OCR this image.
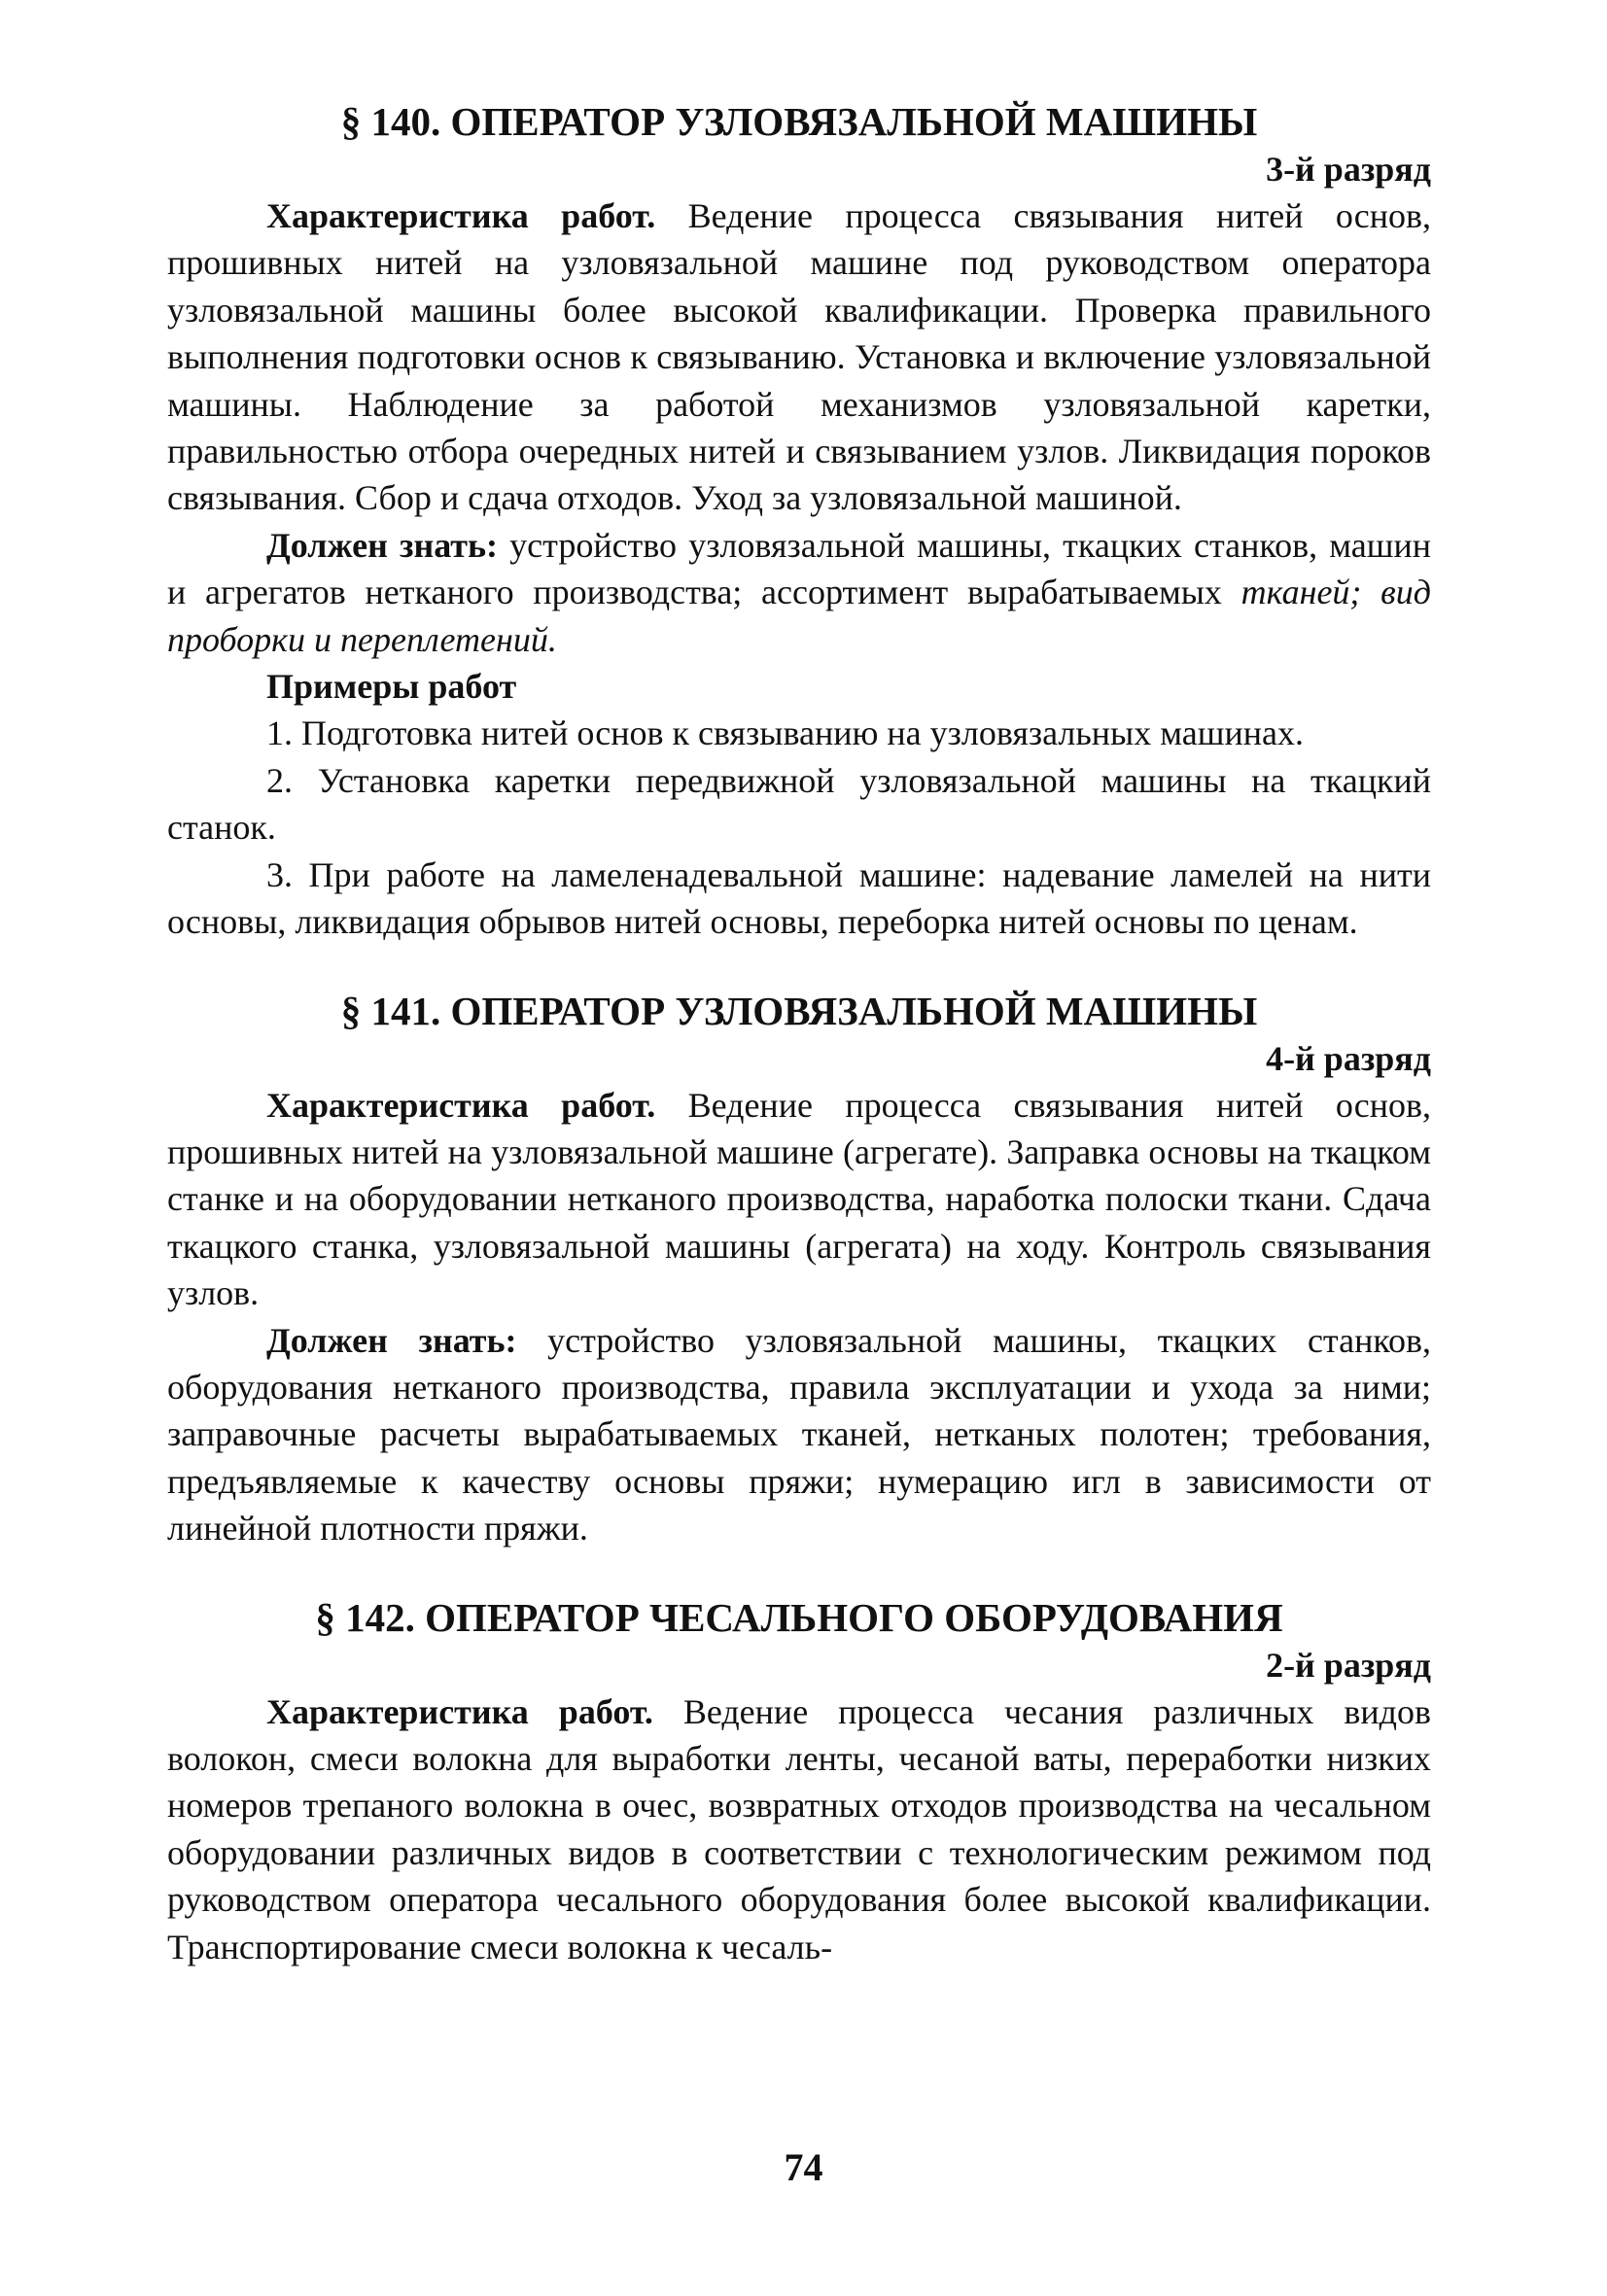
§ 140. ОПЕРАТОР УЗЛОВЯЗАЛЬНОЙ МАШИНЫ
3-й разряд

Характеристика работ. Ведение процесса связывания нитей основ, прошивных нитей на узловязальной машине под руководством оператора узловязальной машины более высокой квалификации. Проверка правильного выполнения подготовки основ к связыванию. Установка и включение узловязальной машины. Наблюдение за работой механизмов узловязальной каретки, правильностью отбора очередных нитей и связыванием узлов. Ликвидация пороков связывания. Сбор и сдача отходов. Уход за узловязальной машиной.

Должен знать: устройство узловязальной машины, ткацких станков, машин и агрегатов нетканого производства; ассортимент вырабатываемых тканей; вид проборки и переплетений.

Примеры работ

1. Подготовка нитей основ к связыванию на узловязальных машинах.

2. Установка каретки передвижной узловязальной машины на ткацкий станок.

3. При работе на ламеленадевальной машине: надевание ламелей на нити основы, ликвидация обрывов нитей основы, переборка нитей основы по ценам.

§ 141. ОПЕРАТОР УЗЛОВЯЗАЛЬНОЙ МАШИНЫ
4-й разряд

Характеристика работ. Ведение процесса связывания нитей основ, прошивных нитей на узловязальной машине (агрегате). Заправка основы на ткацком станке и на оборудовании нетканого производства, наработка полоски ткани. Сдача ткацкого станка, узловязальной машины (агрегата) на ходу. Контроль связывания узлов.

Должен знать: устройство узловязальной машины, ткацких станков, оборудования нетканого производства, правила эксплуатации и ухода за ними; заправочные расчеты вырабатываемых тканей, нетканых полотен; требования, предъявляемые к качеству основы пряжи; нумерацию игл в зависимости от линейной плотности пряжи.

§ 142. ОПЕРАТОР ЧЕСАЛЬНОГО ОБОРУДОВАНИЯ
2-й разряд

Характеристика работ. Ведение процесса чесания различных видов волокон, смеси волокна для выработки ленты, чесаной ваты, переработки низких номеров трепаного волокна в очес, возвратных отходов производства на чесальном оборудовании различных видов в соответствии с технологическим режимом под руководством оператора чесального оборудования более высокой квалификации. Транспортирование смеси волокна к чесаль-

74
